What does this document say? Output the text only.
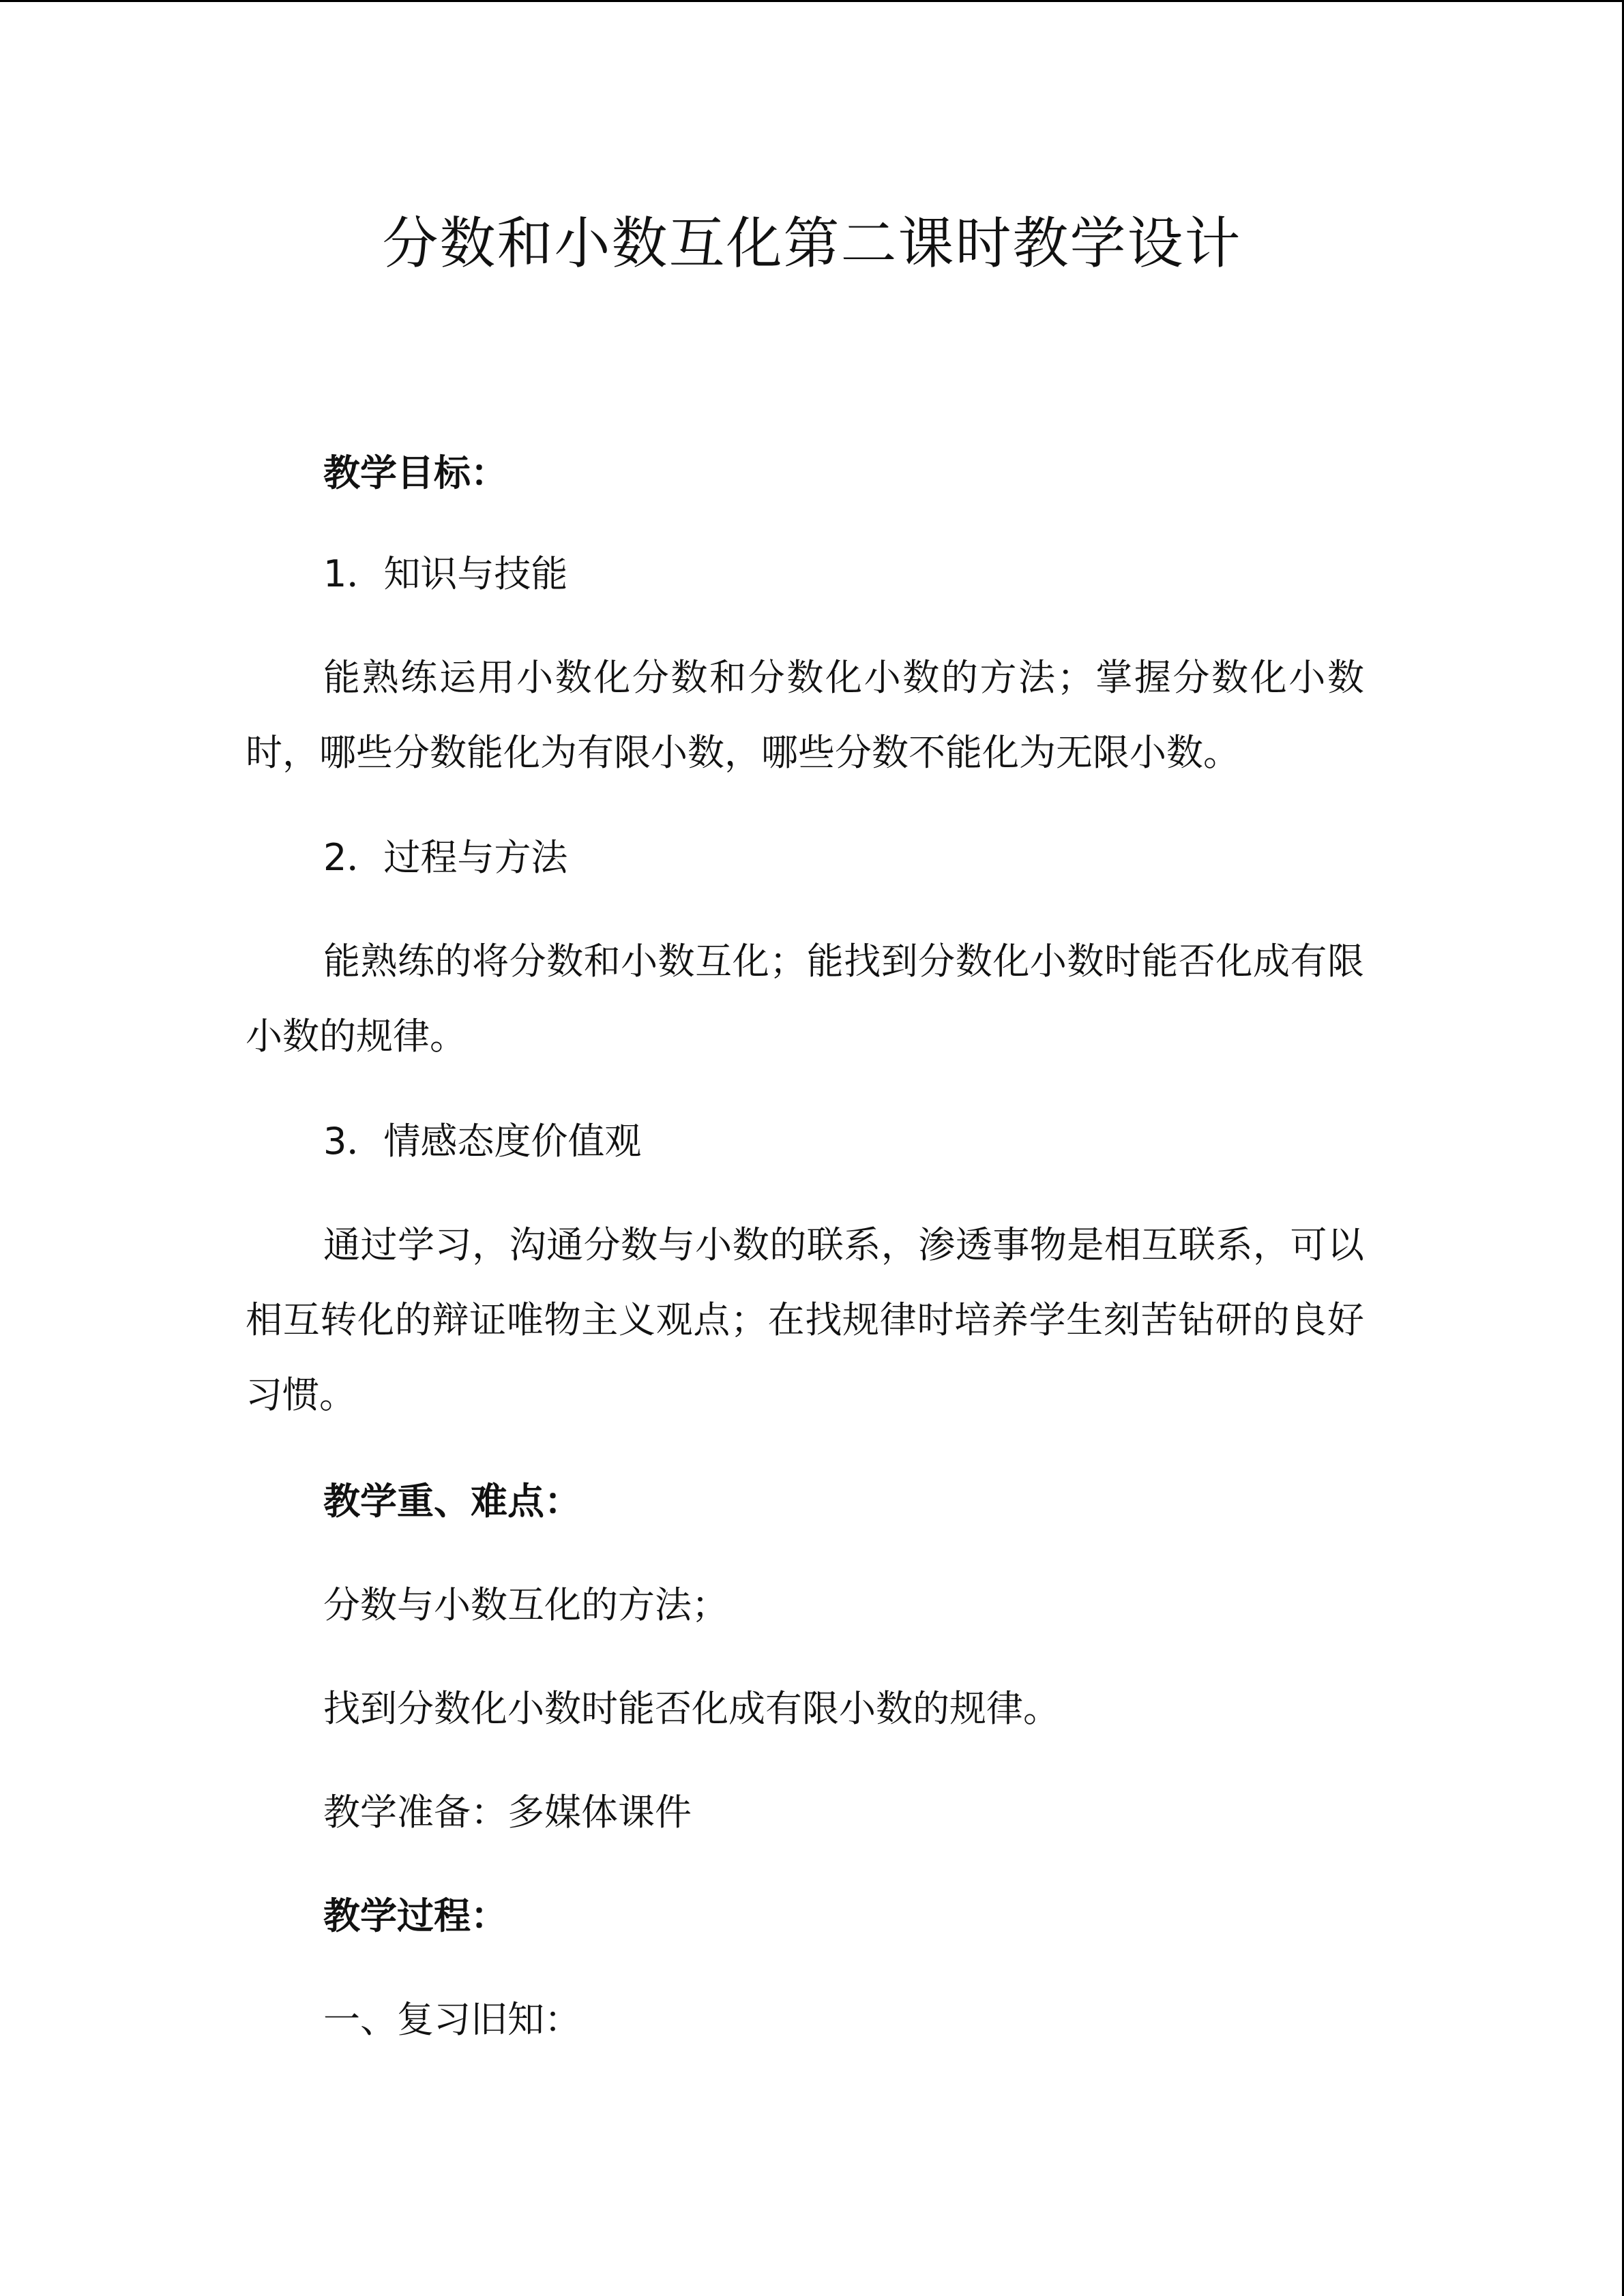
分数和小数互化第二课时教学设计

教学目标：

1．知识与技能

能熟练运用小数化分数和分数化小数的方法；掌握分数化小数时，哪些分数能化为有限小数，哪些分数不能化为无限小数。

2．过程与方法

能熟练的将分数和小数互化；能找到分数化小数时能否化成有限小数的规律。

3．情感态度价值观

通过学习，沟通分数与小数的联系，渗透事物是相互联系，可以相互转化的辩证唯物主义观点；在找规律时培养学生刻苦钻研的良好习惯。

教学重、难点：

分数与小数互化的方法；

找到分数化小数时能否化成有限小数的规律。

教学准备：多媒体课件

教学过程：

一、复习旧知：
